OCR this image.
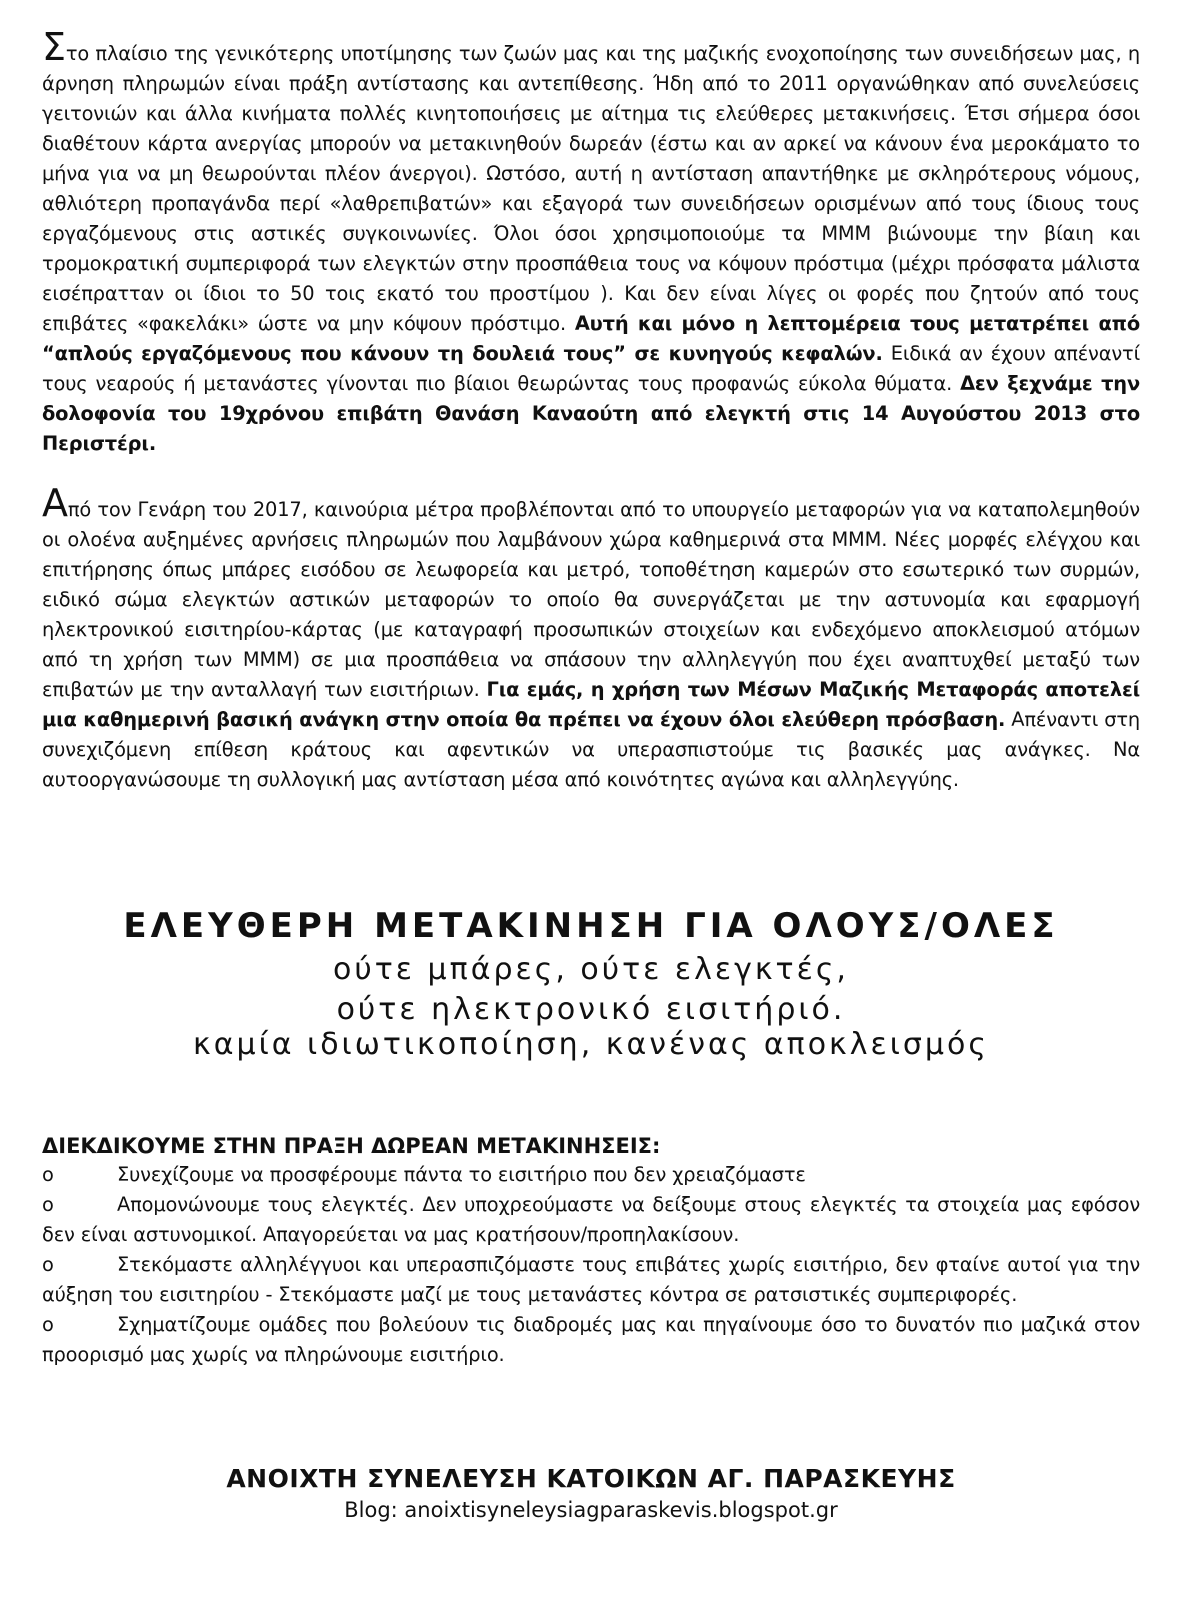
Στο πλαίσιο της γενικότερης υποτίμησης των ζωών μας και της μαζικής ενοχοποίησης των συνειδήσεων μας, η άρνηση πληρωμών είναι πράξη αντίστασης και αντεπίθεσης. Ήδη από το 2011 οργανώθηκαν από συνελεύσεις γειτονιών και άλλα κινήματα πολλές κινητοποιήσεις με αίτημα τις ελεύθερες μετακινήσεις. Έτσι σήμερα όσοι διαθέτουν κάρτα ανεργίας μπορούν να μετακινηθούν δωρεάν (έστω και αν αρκεί να κάνουν ένα μεροκάματο το μήνα για να μη θεωρούνται πλέον άνεργοι). Ωστόσο, αυτή η αντίσταση απαντήθηκε με σκληρότερους νόμους, αθλιότερη προπαγάνδα περί «λαθρεπιβατών» και εξαγορά των συνειδήσεων ορισμένων από τους ίδιους τους εργαζόμενους στις αστικές συγκοινωνίες. Όλοι όσοι χρησιμοποιούμε τα ΜΜΜ βιώνουμε την βίαιη και τρομοκρατική συμπεριφορά των ελεγκτών στην προσπάθεια τους να κόψουν πρόστιμα (μέχρι πρόσφατα μάλιστα εισέπρατταν οι ίδιοι το 50 τοις εκατό του προστίμου ). Και δεν είναι λίγες οι φορές που ζητούν από τους επιβάτες «φακελάκι» ώστε να μην κόψουν πρόστιμο. Αυτή και μόνο η λεπτομέρεια τους μετατρέπει από “απλούς εργαζόμενους που κάνουν τη δουλειά τους” σε κυνηγούς κεφαλών. Ειδικά αν έχουν απέναντί τους νεαρούς ή μετανάστες γίνονται πιο βίαιοι θεωρώντας τους προφανώς εύκολα θύματα. Δεν ξεχνάμε την δολοφονία του 19χρόνου επιβάτη Θανάση Καναούτη από ελεγκτή στις 14 Αυγούστου 2013 στο Περιστέρι.
Από τον Γενάρη του 2017, καινούρια μέτρα προβλέπονται από το υπουργείο μεταφορών για να καταπολεμηθούν οι ολοένα αυξημένες αρνήσεις πληρωμών που λαμβάνουν χώρα καθημερινά στα ΜΜΜ. Νέες μορφές ελέγχου και επιτήρησης όπως μπάρες εισόδου σε λεωφορεία και μετρό, τοποθέτηση καμερών στο εσωτερικό των συρμών, ειδικό σώμα ελεγκτών αστικών μεταφορών το οποίο θα συνεργάζεται με την αστυνομία και εφαρμογή ηλεκτρονικού εισιτηρίου-κάρτας (με καταγραφή προσωπικών στοιχείων και ενδεχόμενο αποκλεισμού ατόμων από τη χρήση των ΜΜΜ) σε μια προσπάθεια να σπάσουν την αλληλεγγύη που έχει αναπτυχθεί μεταξύ των επιβατών με την ανταλλαγή των εισιτήριων. Για εμάς, η χρήση των Μέσων Μαζικής Μεταφοράς αποτελεί μια καθημερινή βασική ανάγκη στην οποία θα πρέπει να έχουν όλοι ελεύθερη πρόσβαση. Απέναντι στη συνεχιζόμενη επίθεση κράτους και αφεντικών να υπερασπιστούμε τις βασικές μας ανάγκες. Να αυτοοργανώσουμε τη συλλογική μας αντίσταση μέσα από κοινότητες αγώνα και αλληλεγγύης.
ΕΛΕΥΘΕΡΗ ΜΕΤΑΚΙΝΗΣΗ ΓΙΑ ΟΛΟΥΣ/ΟΛΕΣ
ούτε μπάρες, ούτε ελεγκτές,
ούτε ηλεκτρονικό εισιτήριό.
καμία ιδιωτικοποίηση, κανένας αποκλεισμός
ΔΙΕΚΔΙΚΟΥΜΕ ΣΤΗΝ ΠΡΑΞΗ ΔΩΡΕΑΝ ΜΕΤΑΚΙΝΗΣΕΙΣ:
o	Συνεχίζουμε να προσφέρουμε πάντα το εισιτήριο που δεν χρειαζόμαστε
o	Απομονώνουμε τους ελεγκτές. Δεν υποχρεούμαστε να δείξουμε στους ελεγκτές τα στοιχεία μας εφόσον δεν είναι αστυνομικοί. Απαγορεύεται να μας κρατήσουν/προπηλακίσουν.
o	Στεκόμαστε αλληλέγγυοι και υπερασπιζόμαστε τους επιβάτες χωρίς εισιτήριο, δεν φταίνε αυτοί για την αύξηση του εισιτηρίου - Στεκόμαστε μαζί με τους μετανάστες κόντρα σε ρατσιστικές συμπεριφορές.
o	Σχηματίζουμε ομάδες που βολεύουν τις διαδρομές μας και πηγαίνουμε όσο το δυνατόν πιο μαζικά στον προορισμό μας χωρίς να πληρώνουμε εισιτήριο.
ΑΝΟΙΧΤΗ ΣΥΝΕΛΕΥΣΗ ΚΑΤΟΙΚΩΝ ΑΓ. ΠΑΡΑΣΚΕΥΗΣ
Blog: anoixtisyneleysiagparaskevis.blogspot.gr
